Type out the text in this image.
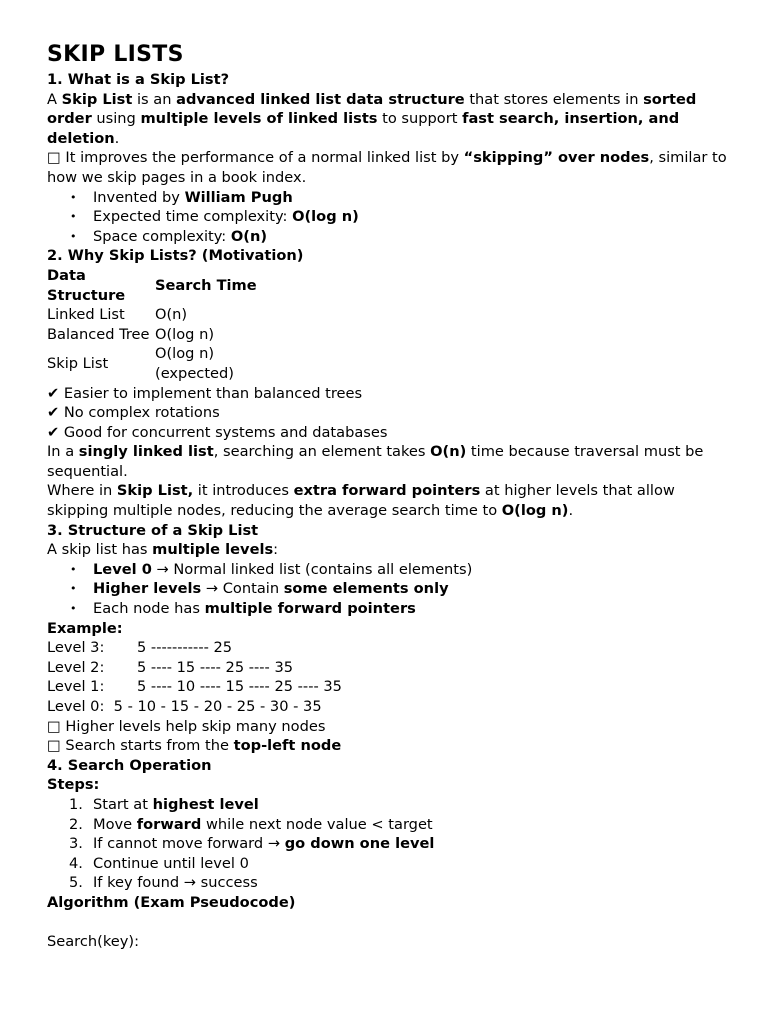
SKIP LISTS
1. What is a Skip List?

A Skip List is an advanced linked list data structure that stores elements in sorted order using multiple levels of linked lists to support fast search, insertion, and deletion.

□ It improves the performance of a normal linked list by “skipping” over nodes, similar to how we skip pages in a book index.

• Invented by William Pugh
• Expected time complexity: O(log n)
• Space complexity: O(n)
2. Why Skip Lists? (Motivation)
Data Structure	Search Time
Linked List	O(n)
Balanced Tree	O(log n)
Skip List	O(log n) (expected)

✔ Easier to implement than balanced trees

✔ No complex rotations

✔ Good for concurrent systems and databases

In a singly linked list, searching an element takes O(n) time because traversal must be sequential.

Where in Skip List, it introduces extra forward pointers at higher levels that allow skipping multiple nodes, reducing the average search time to O(log n).

3. Structure of a Skip List

A skip list has multiple levels:

• Level 0 → Normal linked list (contains all elements)
• Higher levels → Contain some elements only
• Each node has multiple forward pointers

Example:

Level 3: 5 ----------- 25

Level 2: 5 ---- 15 ---- 25 ---- 35

Level 1: 5 ---- 10 ---- 15 ---- 25 ---- 35

Level 0:  5 - 10 - 15 - 20 - 25 - 30 - 35

□ Higher levels help skip many nodes

□ Search starts from the top-left node

4. Search Operation

Steps:

1. Start at highest level
2. Move forward while next node value < target
3. If cannot move forward → go down one level
4. Continue until level 0
5. If key found → success
Algorithm (Exam Pseudocode)

Search(key):
